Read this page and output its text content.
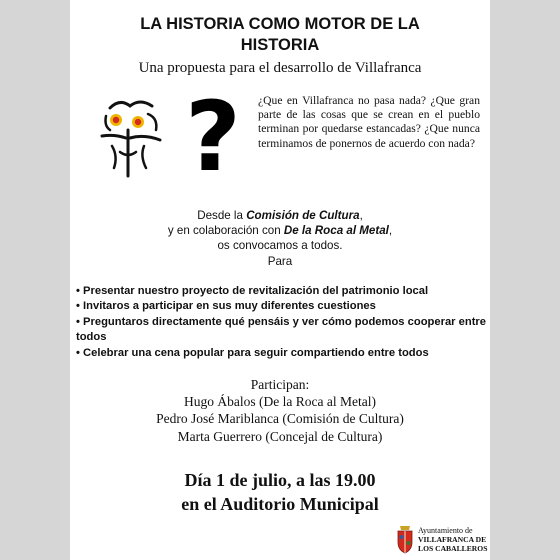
LA HISTORIA COMO MOTOR DE LA
HISTORIA
Una propuesta para el desarrollo de Villafranca
?	¿Que en Villafranca no pasa nada? ¿Que gran parte de las cosas que se crean en el pueblo terminan por quedarse estancadas? ¿Que nunca terminamos de ponernos de acuerdo con nada?
Desde la Comisión de Cultura,
y en colaboración con De la Roca al Metal,
os convocamos a todos.
Para
• Presentar nuestro proyecto de revitalización del patrimonio local
• Invitaros a participar en sus muy diferentes cuestiones
• Preguntaros directamente qué pensáis y ver cómo podemos cooperar entre todos
• Celebrar una cena popular para seguir compartiendo entre todos
Participan:
Hugo Ábalos (De la Roca al Metal)
Pedro José Mariblanca (Comisión de Cultura)
Marta Guerrero (Concejal de Cultura)
Día 1 de julio, a las 19.00
en el Auditorio Municipal
Ayuntamiento de
VILLAFRANCA DE
LOS CABALLEROS
